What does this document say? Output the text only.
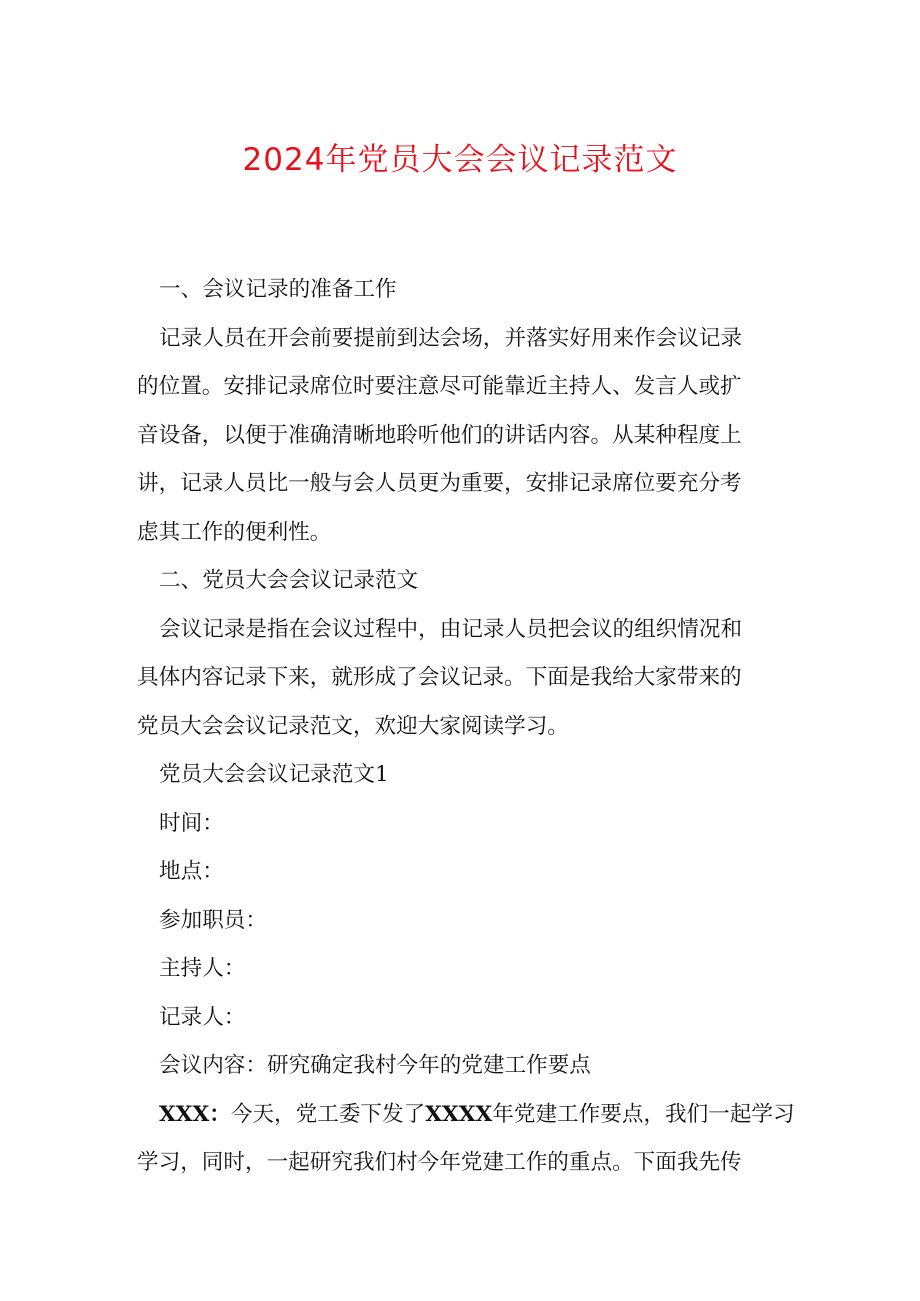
2024年党员大会会议记录范文
一、会议记录的准备工作
记录人员在开会前要提前到达会场，并落实好用来作会议记录
的位置。安排记录席位时要注意尽可能靠近主持人、发言人或扩
音设备，以便于准确清晰地聆听他们的讲话内容。从某种程度上
讲，记录人员比一般与会人员更为重要，安排记录席位要充分考
虑其工作的便利性。
二、党员大会会议记录范文
会议记录是指在会议过程中，由记录人员把会议的组织情况和
具体内容记录下来，就形成了会议记录。下面是我给大家带来的
党员大会会议记录范文，欢迎大家阅读学习。
党员大会会议记录范文1
时间：
地点：
参加职员：
主持人：
记录人：
会议内容：研究确定我村今年的党建工作要点
XXX：今天，党工委下发了XXXX年党建工作要点，我们一起学习
学习，同时，一起研究我们村今年党建工作的重点。下面我先传
